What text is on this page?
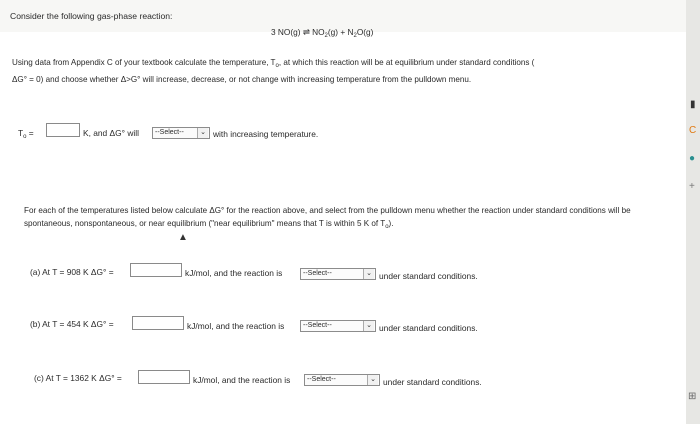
Consider the following gas-phase reaction:
3 NO(g) ⇌ $NO_2(g) + N_2O(g)$
Using data from Appendix C of your textbook calculate the temperature, $T_o$, at which this reaction will be at equilibrium under standard conditions (
ΔG° = 0) and choose whether Δ>G° will increase, decrease, or not change with increasing temperature from the pulldown menu.
$T_o$ =	K, and ΔG° will	--Select--	⌄ with increasing temperature.
For each of the temperatures listed below calculate ΔG° for the reaction above, and select from the pulldown menu whether the reaction under standard conditions will be spontaneous, nonspontaneous, or near equilibrium ("near equilibrium" means that T is within 5 K of $T_o$).
▲
(a) At T = 908 K ΔG° =	kJ/mol, and the reaction is	--Select--	⌄ under standard conditions.
(b) At T = 454 K ΔG° =	kJ/mol, and the reaction is	--Select--	⌄ under standard conditions.
(c) At T = 1362 K ΔG° =	kJ/mol, and the reaction is	--Select--	⌄ under standard conditions.
▮
C
●
+
⊞
